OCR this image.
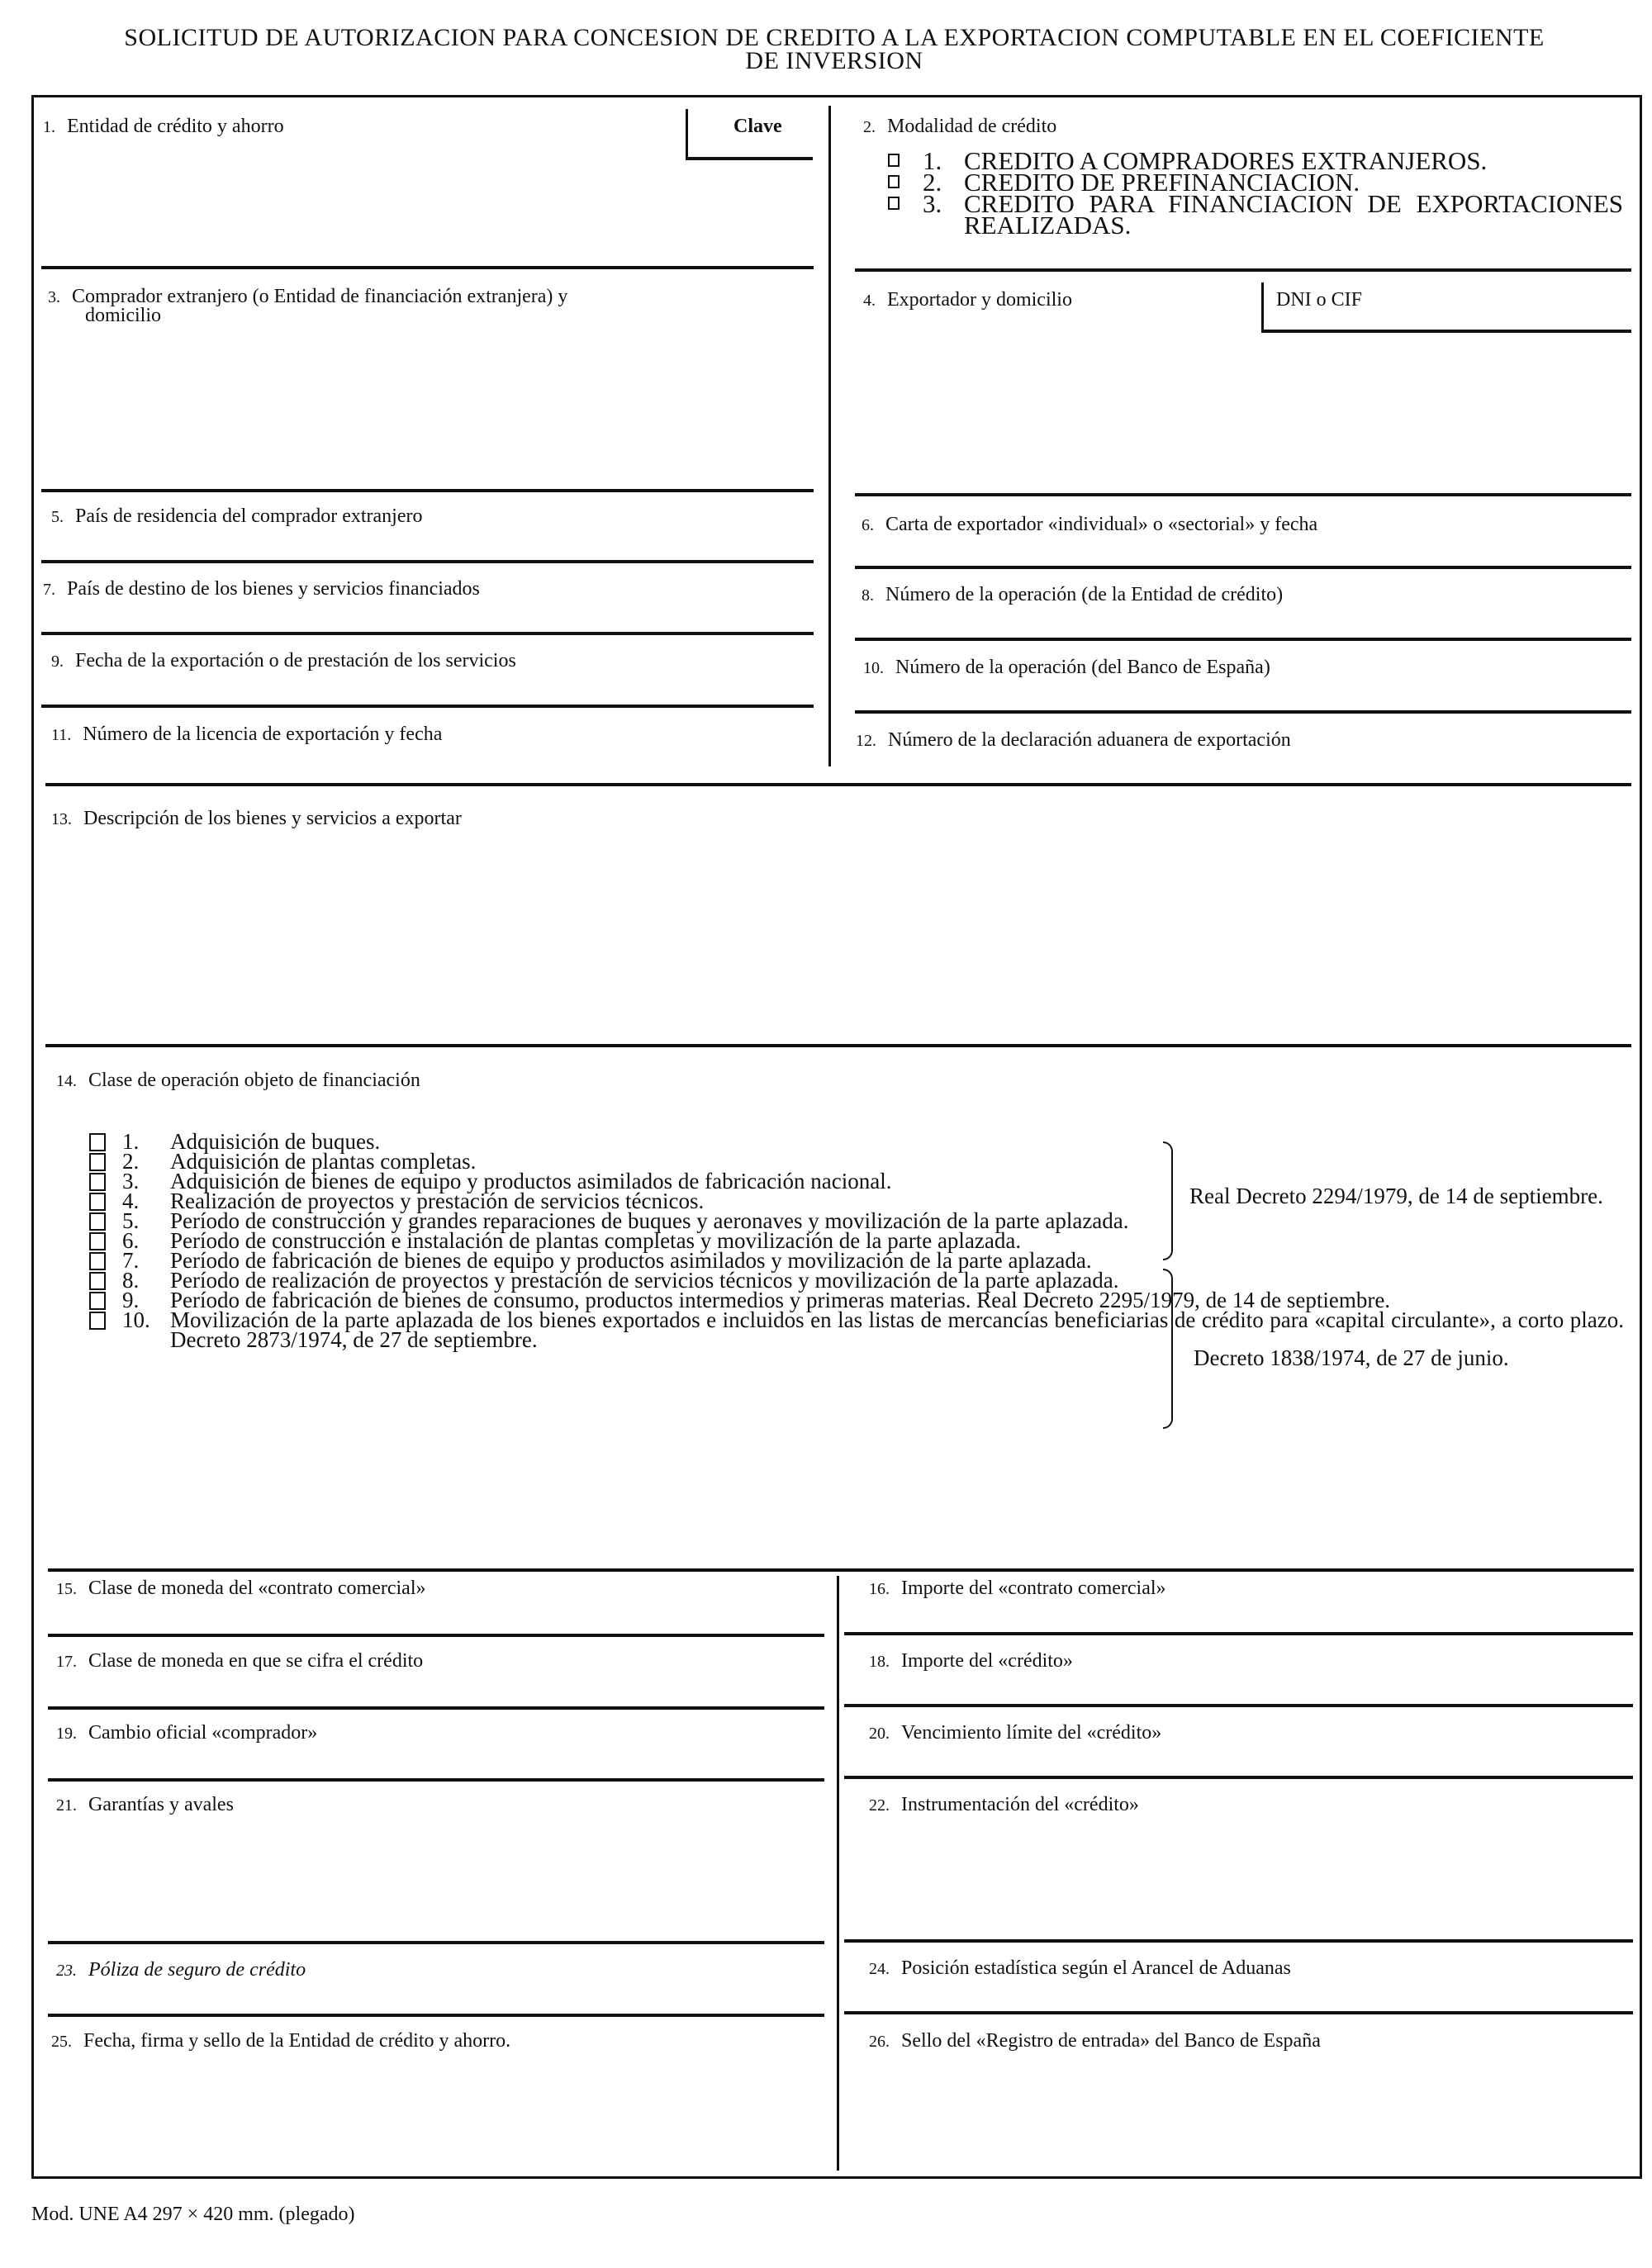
SOLICITUD DE AUTORIZACION PARA CONCESION DE CREDITO A LA EXPORTACION COMPUTABLE EN EL COEFICIENTE
DE INVERSION
1. Entidad de crédito y ahorro	Clave	2. Modalidad de crédito
1. CREDITO A COMPRADORES EXTRANJEROS.
2. CREDITO DE PREFINANCIACION.
3. CREDITO PARA FINANCIACION DE EXPORTACIONES REALIZADAS.
3. Comprador extranjero (o Entidad de financiación extranjera) y
domicilio
4. Exportador y domicilio	DNI o CIF
5. País de residencia del comprador extranjero	6. Carta de exportador «individual» o «sectorial» y fecha
7. País de destino de los bienes y servicios financiados	8. Número de la operación (de la Entidad de crédito)
9. Fecha de la exportación o de prestación de los servicios	10. Número de la operación (del Banco de España)
11. Número de la licencia de exportación y fecha	12. Número de la declaración aduanera de exportación
13. Descripción de los bienes y servicios a exportar
14. Clase de operación objeto de financiación
1.	Adquisición de buques.
2.	Adquisición de plantas completas.
3.	Adquisición de bienes de equipo y productos asimilados de fabricación nacional.
4.	Realización de proyectos y prestación de servicios técnicos.
5.	Período de construcción y grandes reparaciones de buques y aeronaves y movilización de la parte aplazada.
6.	Período de construcción e instalación de plantas completas y movilización de la parte aplazada.
7.	Período de fabricación de bienes de equipo y productos asimilados y movilización de la parte aplazada.
8.	Período de realización de proyectos y prestación de servicios técnicos y movilización de la parte aplazada.
9.	Período de fabricación de bienes de consumo, productos intermedios y primeras materias. Real Decreto 2295/1979, de 14 de septiembre.
10. Movilización de la parte aplazada de los bienes exportados e incluidos en las listas de mercancías beneficiarias de crédito para «capital circulante», a corto plazo. Decreto 2873/1974, de 27 de septiembre.
Real Decreto 2294/1979, de 14 de septiembre.
Decreto 1838/1974, de 27 de junio.
15. Clase de moneda del «contrato comercial»	16. Importe del «contrato comercial»
17. Clase de moneda en que se cifra el crédito	18. Importe del «crédito»
19. Cambio oficial «comprador»	20. Vencimiento límite del «crédito»
21. Garantías y avales	22. Instrumentación del «crédito»
23. Póliza de seguro de crédito	24. Posición estadística según el Arancel de Aduanas
25. Fecha, firma y sello de la Entidad de crédito y ahorro.	26. Sello del «Registro de entrada» del Banco de España
Mod. UNE A4 297 × 420 mm. (plegado)
